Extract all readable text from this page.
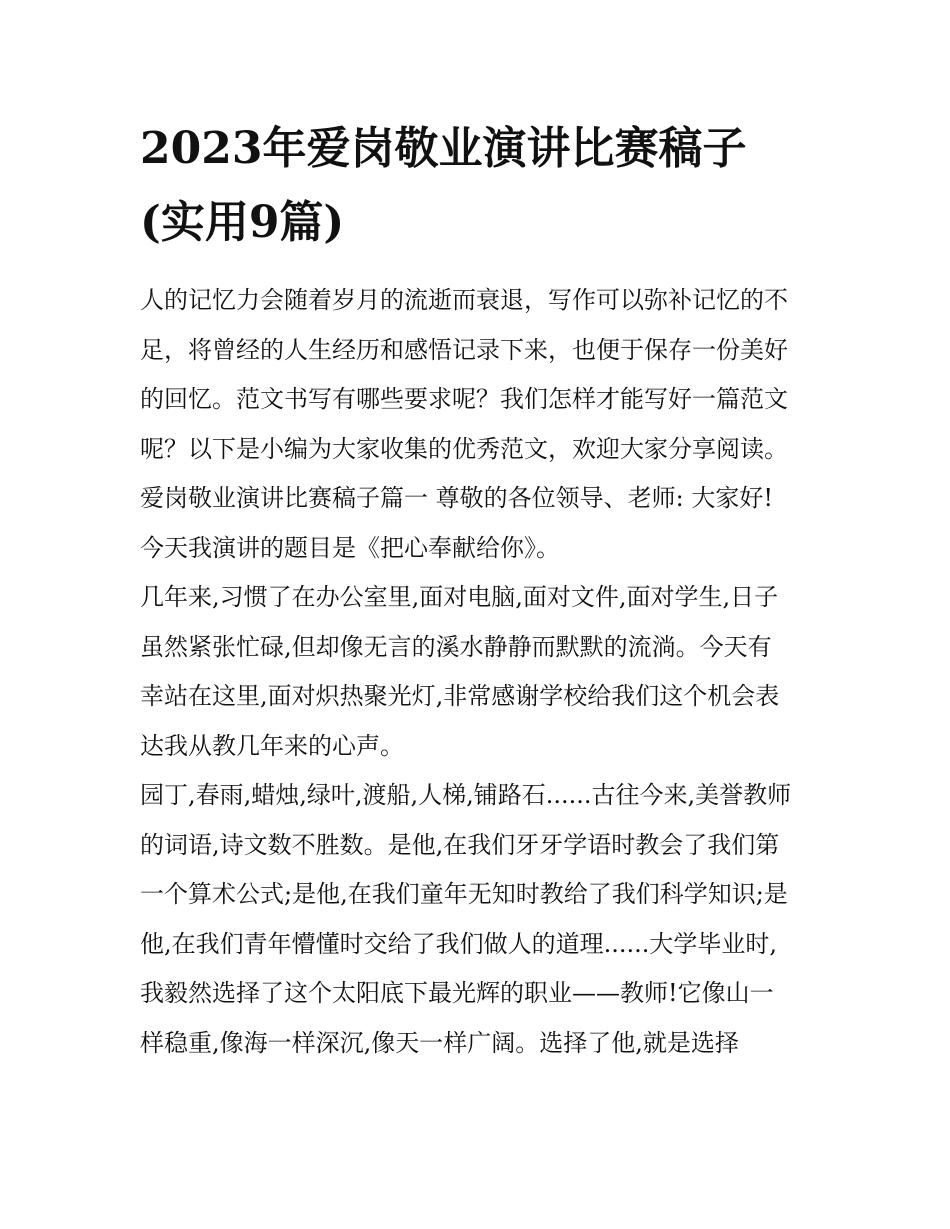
2023年爱岗敬业演讲比赛稿子
(实用9篇)

人的记忆力会随着岁月的流逝而衰退，写作可以弥补记忆的不
足，将曾经的人生经历和感悟记录下来，也便于保存一份美好
的回忆。范文书写有哪些要求呢？我们怎样才能写好一篇范文
呢？以下是小编为大家收集的优秀范文，欢迎大家分享阅读。

爱岗敬业演讲比赛稿子篇一 尊敬的各位领导、老师: 大家好!

今天我演讲的题目是《把心奉献给你》。

几年来,习惯了在办公室里,面对电脑,面对文件,面对学生,日子
虽然紧张忙碌,但却像无言的溪水静静而默默的流淌。今天有
幸站在这里,面对炽热聚光灯,非常感谢学校给我们这个机会表
达我从教几年来的心声。

园丁,春雨,蜡烛,绿叶,渡船,人梯,铺路石......古往今来,美誉教师
的词语,诗文数不胜数。是他,在我们牙牙学语时教会了我们第
一个算术公式;是他,在我们童年无知时教给了我们科学知识;是
他,在我们青年懵懂时交给了我们做人的道理......大学毕业时,
我毅然选择了这个太阳底下最光辉的职业——教师!它像山一
样稳重,像海一样深沉,像天一样广阔。选择了他,就是选择
